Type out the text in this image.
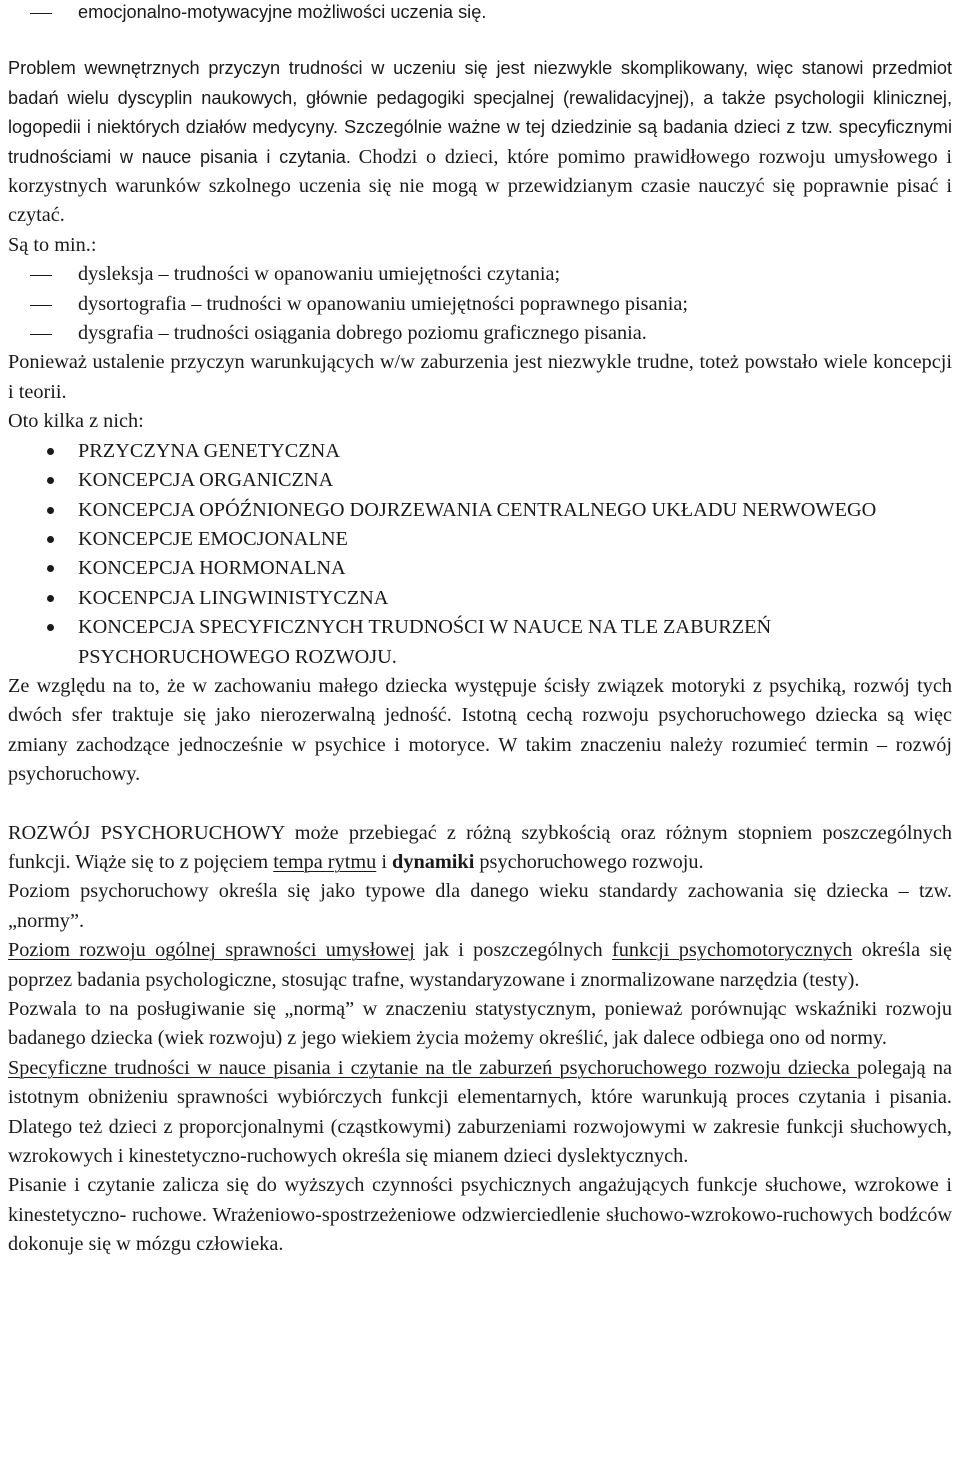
emocjonalno-motywacyjne możliwości uczenia się.

Problem wewnętrznych przyczyn trudności w uczeniu się jest niezwykle skomplikowany, więc stanowi przedmiot badań wielu dyscyplin naukowych, głównie pedagogiki specjalnej (rewalidacyjnej), a także psychologii klinicznej, logopedii i niektórych działów medycyny. Szczególnie ważne w tej dziedzinie są badania dzieci z tzw. specyficznymi trudnościami w nauce pisania i czytania. Chodzi o dzieci, które pomimo prawidłowego rozwoju umysłowego i korzystnych warunków szkolnego uczenia się nie mogą w przewidzianym czasie nauczyć się poprawnie pisać i czytać.

Są to min.:

dysleksja – trudności w opanowaniu umiejętności czytania;

dysortografia – trudności w opanowaniu umiejętności poprawnego pisania;

dysgrafia – trudności osiągania dobrego poziomu graficznego pisania.

Ponieważ ustalenie przyczyn warunkujących w/w zaburzenia jest niezwykle trudne, toteż powstało wiele koncepcji i teorii.

Oto kilka z nich:

PRZYCZYNA GENETYCZNA
KONCEPCJA ORGANICZNA
KONCEPCJA OPÓŹNIONEGO DOJRZEWANIA CENTRALNEGO UKŁADU NERWOWEGO
KONCEPCJE EMOCJONALNE
KONCEPCJA HORMONALNA
KOCENPCJA LINGWINISTYCZNA
KONCEPCJA SPECYFICZNYCH TRUDNOŚCI W NAUCE NA TLE ZABURZEŃ PSYCHORUCHOWEGO ROZWOJU.

Ze względu na to, że w zachowaniu małego dziecka występuje ścisły związek motoryki z psychiką, rozwój tych dwóch sfer traktuje się jako nierozerwalną jedność. Istotną cechą rozwoju psychoruchowego dziecka są więc zmiany zachodzące jednocześnie w psychice i motoryce. W takim znaczeniu należy rozumieć termin – rozwój psychoruchowy.

ROZWÓJ PSYCHORUCHOWY może przebiegać z różną szybkością oraz różnym stopniem poszczególnych funkcji. Wiąże się to z pojęciem tempa rytmu i dynamiki psychoruchowego rozwoju.

Poziom psychoruchowy określa się jako typowe dla danego wieku standardy zachowania się dziecka – tzw. „normy”.

Poziom rozwoju ogólnej sprawności umysłowej jak i poszczególnych funkcji psychomotorycznych określa się poprzez badania psychologiczne, stosując trafne, wystandaryzowane i znormalizowane narzędzia (testy).

Pozwala to na posługiwanie się „normą” w znaczeniu statystycznym, ponieważ porównując wskaźniki rozwoju badanego dziecka (wiek rozwoju) z jego wiekiem życia możemy określić, jak dalece odbiega ono od normy.

Specyficzne trudności w nauce pisania i czytanie na tle zaburzeń psychoruchowego rozwoju dziecka polegają na istotnym obniżeniu sprawności wybiórczych funkcji elementarnych, które warunkują proces czytania i pisania. Dlatego też dzieci z proporcjonalnymi (cząstkowymi) zaburzeniami rozwojowymi w zakresie funkcji słuchowych, wzrokowych i kinestetyczno-ruchowych określa się mianem dzieci dyslektycznych.

Pisanie i czytanie zalicza się do wyższych czynności psychicznych angażujących funkcje słuchowe, wzrokowe i kinestetyczno- ruchowe. Wrażeniowo-spostrzeżeniowe odzwierciedlenie słuchowo-wzrokowo-ruchowych bodźców dokonuje się w mózgu człowieka.
